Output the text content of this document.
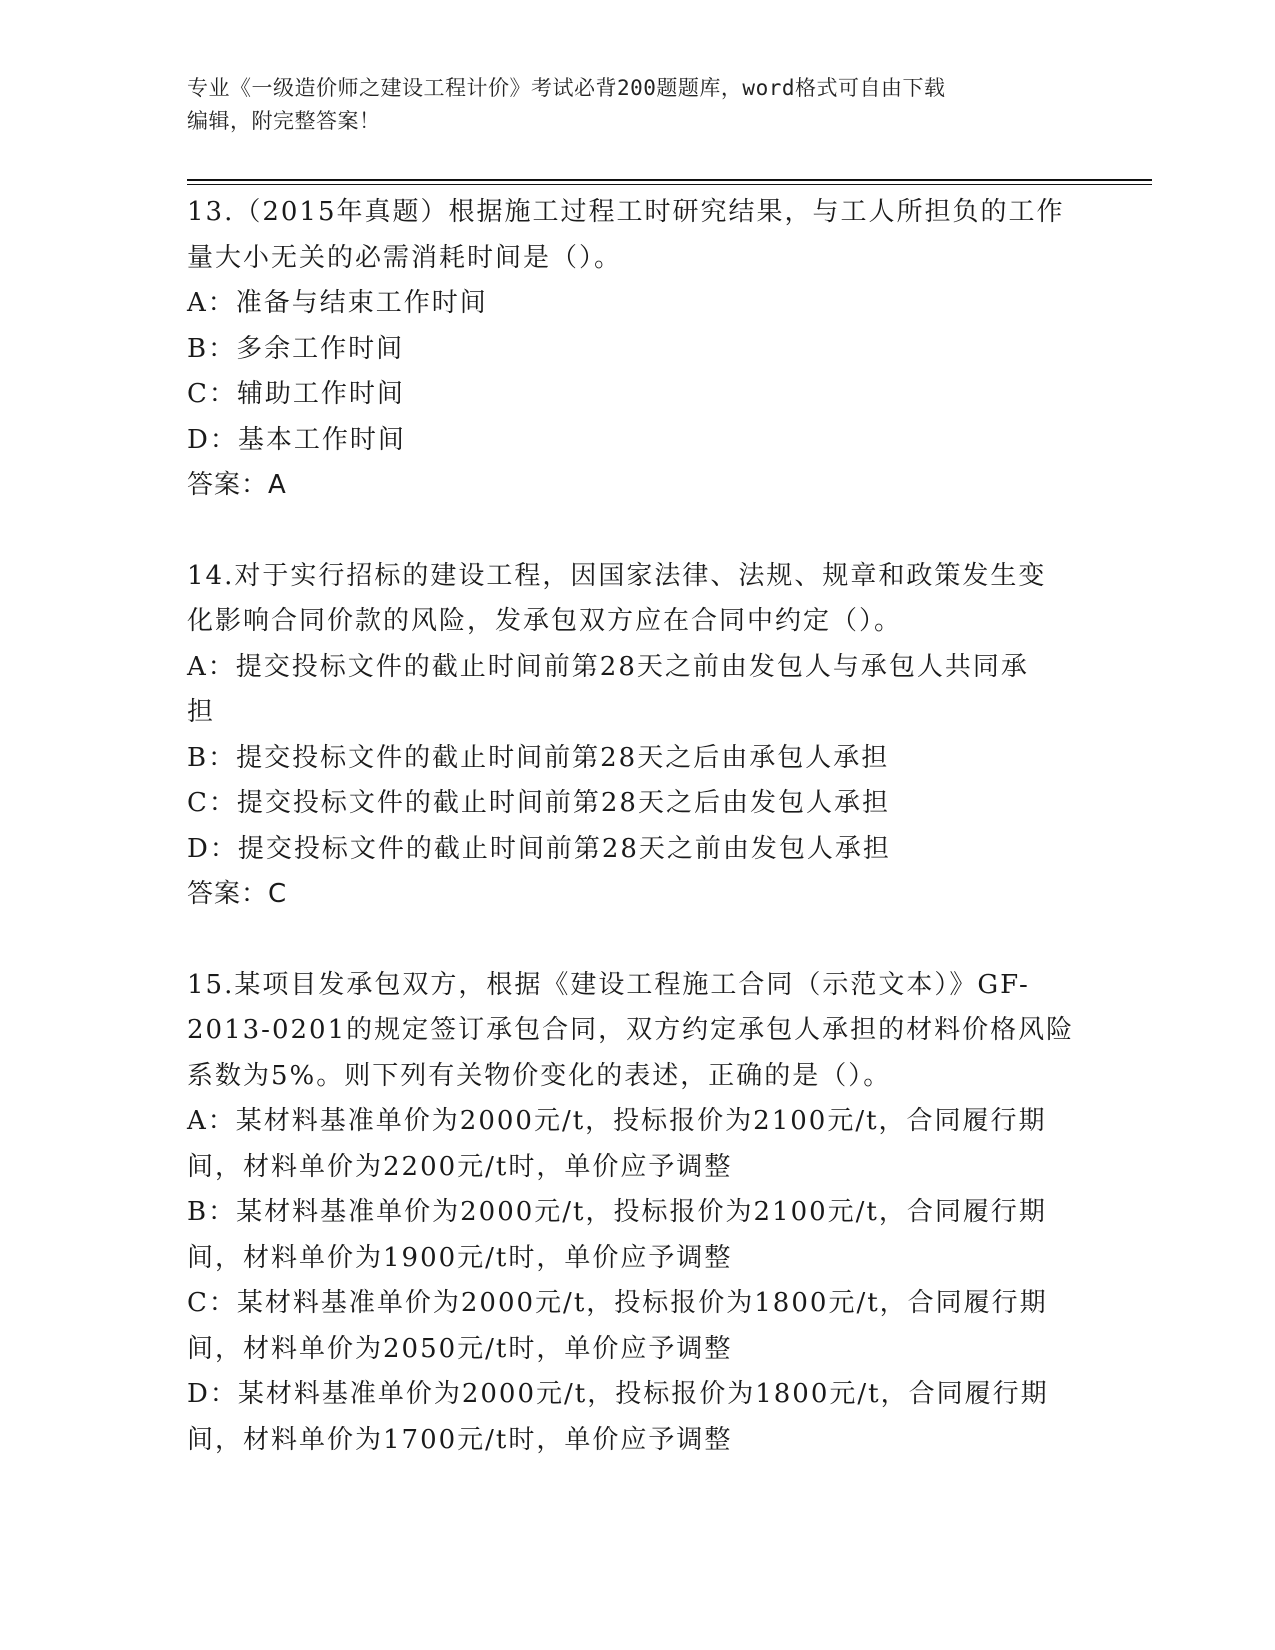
专业《一级造价师之建设工程计价》考试必背200题题库，word格式可自由下载
编辑，附完整答案！
13.（2015年真题）根据施工过程工时研究结果，与工人所担负的工作
量大小无关的必需消耗时间是（）。
A：准备与结束工作时间
B：多余工作时间
C：辅助工作时间
D：基本工作时间
答案：A
14.对于实行招标的建设工程，因国家法律、法规、规章和政策发生变
化影响合同价款的风险，发承包双方应在合同中约定（）。
A：提交投标文件的截止时间前第28天之前由发包人与承包人共同承
担
B：提交投标文件的截止时间前第28天之后由承包人承担
C：提交投标文件的截止时间前第28天之后由发包人承担
D：提交投标文件的截止时间前第28天之前由发包人承担
答案：C
15.某项目发承包双方，根据《建设工程施工合同（示范文本）》GF-
2013-0201的规定签订承包合同，双方约定承包人承担的材料价格风险
系数为5%。则下列有关物价变化的表述，正确的是（）。
A：某材料基准单价为2000元/t，投标报价为2100元/t，合同履行期
间，材料单价为2200元/t时，单价应予调整
B：某材料基准单价为2000元/t，投标报价为2100元/t，合同履行期
间，材料单价为1900元/t时，单价应予调整
C：某材料基准单价为2000元/t，投标报价为1800元/t，合同履行期
间，材料单价为2050元/t时，单价应予调整
D：某材料基准单价为2000元/t，投标报价为1800元/t，合同履行期
间，材料单价为1700元/t时，单价应予调整
